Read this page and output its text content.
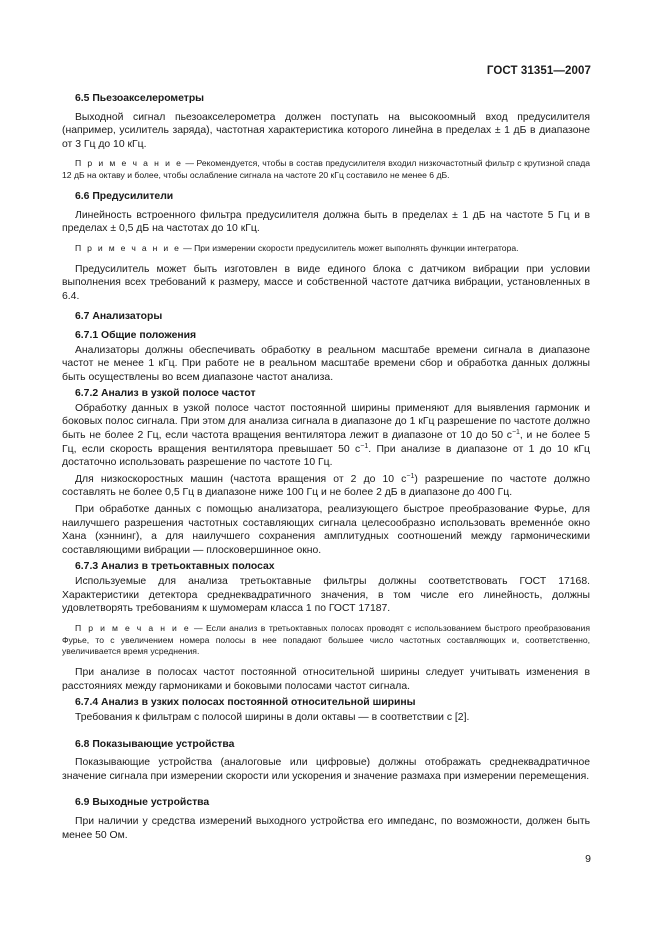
ГОСТ 31351—2007
6.5 Пьезоакселерометры

Выходной сигнал пьезоакселерометра должен поступать на высокоомный вход предусилителя (например, усилитель заряда), частотная характеристика которого линейна в пределах ± 1 дБ в диапазоне от 3 Гц до 10 кГц.

П р и м е ч а н и е — Рекомендуется, чтобы в состав предусилителя входил низкочастотный фильтр с крутизной спада 12 дБ на октаву и более, чтобы ослабление сигнала на частоте 20 кГц составило не менее 6 дБ.
6.6 Предусилители

Линейность встроенного фильтра предусилителя должна быть в пределах ± 1 дБ на частоте 5 Гц и в пределах ± 0,5 дБ на частотах до 10 кГц.

П р и м е ч а н и е — При измерении скорости предусилитель может выполнять функции интегратора.

Предусилитель может быть изготовлен в виде единого блока с датчиком вибрации при условии выполнения всех требований к размеру, массе и собственной частоте датчика вибрации, установленных в 6.4.

6.7 Анализаторы
6.7.1 Общие положения

Анализаторы должны обеспечивать обработку в реальном масштабе времени сигнала в диапазоне частот не менее 1 кГц. При работе не в реальном масштабе времени сбор и обработка данных должны быть осуществлены во всем диапазоне частот анализа.

6.7.2 Анализ в узкой полосе частот

Обработку данных в узкой полосе частот постоянной ширины применяют для выявления гармоник и боковых полос сигнала. При этом для анализа сигнала в диапазоне до 1 кГц разрешение по частоте должно быть не более 2 Гц, если частота вращения вентилятора лежит в диапазоне от 10 до 50 $с^{-1}$, и не более 5 Гц, если скорость вращения вентилятора превышает 50 $с^{-1}$. При анализе в диапазоне от 1 до 10 кГц достаточно использовать разрешение по частоте 10 Гц.

Для низкоскоростных машин (частота вращения от 2 до 10 $с^{-1}$) разрешение по частоте должно составлять не более 0,5 Гц в диапазоне ниже 100 Гц и не более 2 дБ в диапазоне до 400 Гц.

При обработке данных с помощью анализатора, реализующего быстрое преобразование Фурье, для наилучшего разрешения частотных составляющих сигнала целесообразно использовать временно́е окно Хана (хэннинг), а для наилучшего сохранения амплитудных соотношений между гармоническими составляющими вибрации — плосковершинное окно.

6.7.3 Анализ в третьоктавных полосах

Используемые для анализа третьоктавные фильтры должны соответствовать ГОСТ 17168. Характеристики детектора среднеквадратичного значения, в том числе его линейность, должны удовлетворять требованиям к шумомерам класса 1 по ГОСТ 17187.

П р и м е ч а н и е — Если анализ в третьоктавных полосах проводят с использованием быстрого преобразования Фурье, то с увеличением номера полосы в нее попадают большее число частотных составляющих и, соответственно, увеличивается время усреднения.

При анализе в полосах частот постоянной относительной ширины следует учитывать изменения в расстояниях между гармониками и боковыми полосами частот сигнала.

6.7.4 Анализ в узких полосах постоянной относительной ширины

Требования к фильтрам с полосой ширины в доли октавы — в соответствии с [2].

6.8 Показывающие устройства

Показывающие устройства (аналоговые или цифровые) должны отображать среднеквадратичное значение сигнала при измерении скорости или ускорения и значение размаха при измерении перемещения.

6.9 Выходные устройства

При наличии у средства измерений выходного устройства его импеданс, по возможности, должен быть менее 50 Ом.

9
